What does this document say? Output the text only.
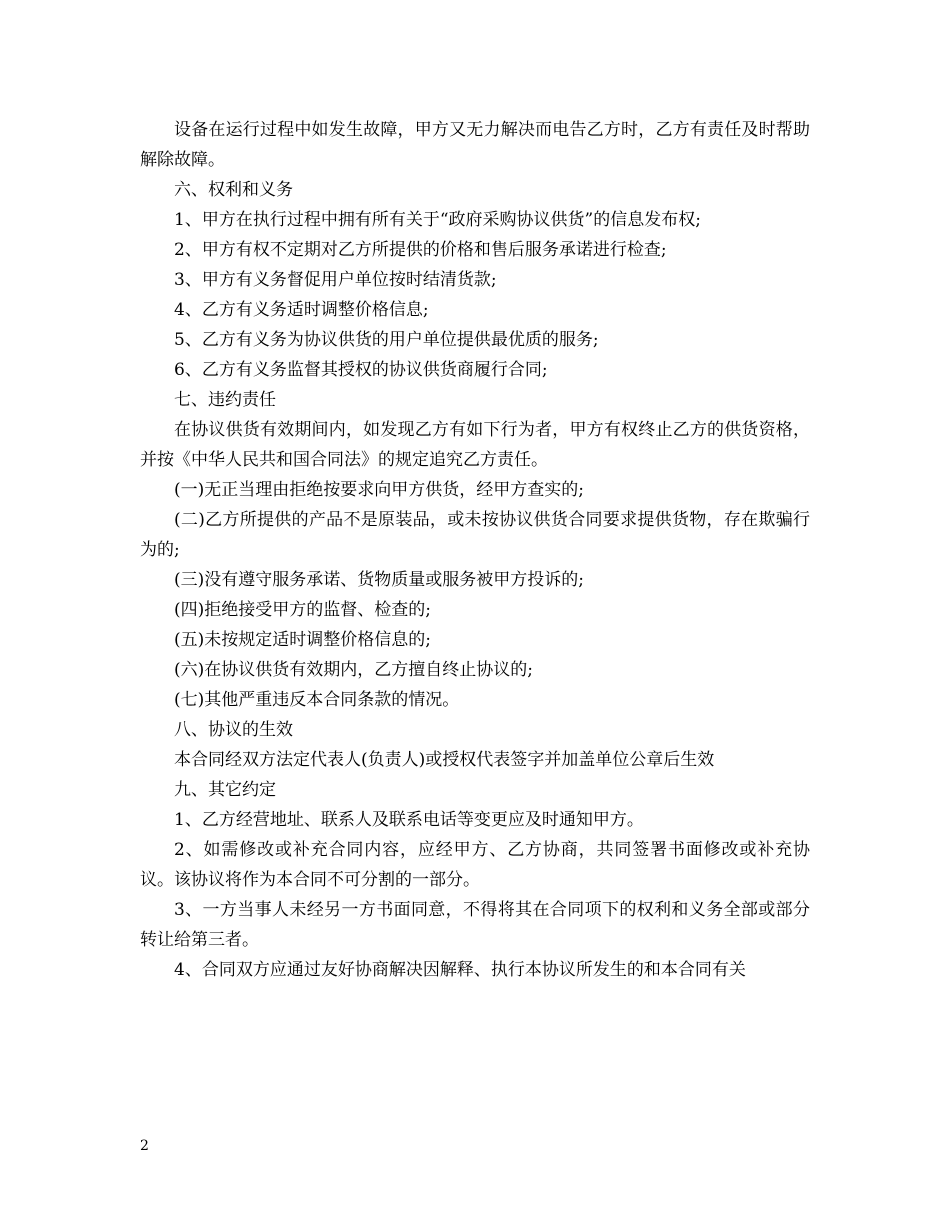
设备在运行过程中如发生故障，甲方又无力解决而电告乙方时，乙方有责任及时帮助解除故障。

六、权利和义务

1、甲方在执行过程中拥有所有关于“政府采购协议供货”的信息发布权;

2、甲方有权不定期对乙方所提供的价格和售后服务承诺进行检查;

3、甲方有义务督促用户单位按时结清货款;

4、乙方有义务适时调整价格信息;

5、乙方有义务为协议供货的用户单位提供最优质的服务;

6、乙方有义务监督其授权的协议供货商履行合同;

七、违约责任

在协议供货有效期间内，如发现乙方有如下行为者，甲方有权终止乙方的供货资格，并按《中华人民共和国合同法》的规定追究乙方责任。

(一)无正当理由拒绝按要求向甲方供货，经甲方查实的;

(二)乙方所提供的产品不是原装品，或未按协议供货合同要求提供货物，存在欺骗行为的;

(三)没有遵守服务承诺、货物质量或服务被甲方投诉的;

(四)拒绝接受甲方的监督、检查的;

(五)未按规定适时调整价格信息的;

(六)在协议供货有效期内，乙方擅自终止协议的;

(七)其他严重违反本合同条款的情况。

八、协议的生效

本合同经双方法定代表人(负责人)或授权代表签字并加盖单位公章后生效

九、其它约定

1、乙方经营地址、联系人及联系电话等变更应及时通知甲方。

2、如需修改或补充合同内容，应经甲方、乙方协商，共同签署书面修改或补充协议。该协议将作为本合同不可分割的一部分。

3、一方当事人未经另一方书面同意，不得将其在合同项下的权利和义务全部或部分转让给第三者。

4、合同双方应通过友好协商解决因解释、执行本协议所发生的和本合同有关

2
